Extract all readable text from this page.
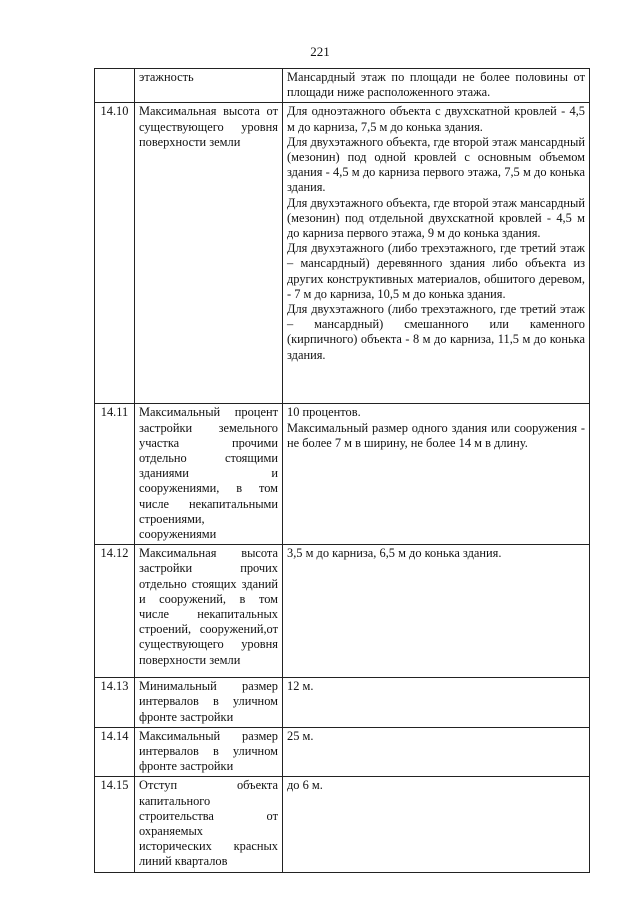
221
	этажность	Мансардный этаж по площади не более половины от площади ниже расположенного этажа.

14.10	Максимальная высота от существующего уровня поверхности земли	Для одноэтажного объекта с двухскатной кровлей - 4,5 м до карниза, 7,5 м до конька здания.
Для двухэтажного объекта, где второй этаж мансардный (мезонин) под одной кровлей с основным объемом здания - 4,5 м до карниза первого этажа, 7,5 м до конька здания.
Для двухэтажного объекта, где второй этаж мансардный (мезонин) под отдельной двухскатной кровлей - 4,5 м до карниза первого этажа, 9 м до конька здания.
Для двухэтажного (либо трехэтажного, где третий этаж – мансардный) деревянного здания либо объекта из других конструктивных материалов, обшитого деревом, - 7 м до карниза, 10,5 м до конька здания.
Для двухэтажного (либо трехэтажного, где третий этаж – мансардный) смешанного или каменного (кирпичного) объекта - 8 м до карниза, 11,5 м до конька здания.

14.11	Максимальный процент застройки земельного участка прочими отдельно стоящими зданиями и сооружениями, в том числе некапитальными строениями, сооружениями	10 процентов.
Максимальный размер одного здания или сооружения - не более 7 м в ширину, не более 14 м в длину.

14.12	Максимальная высота застройки прочих отдельно стоящих зданий и сооружений, в том числе некапитальных строений, сооружений,от существующего уровня поверхности земли	3,5 м до карниза, 6,5 м до конька здания.

14.13	Минимальный размер интервалов в уличном фронте застройки	12 м.

14.14	Максимальный размер интервалов в уличном фронте застройки	25 м.

14.15	Отступ объекта капитального строительства от охраняемых исторических красных линий кварталов	до 6 м.
